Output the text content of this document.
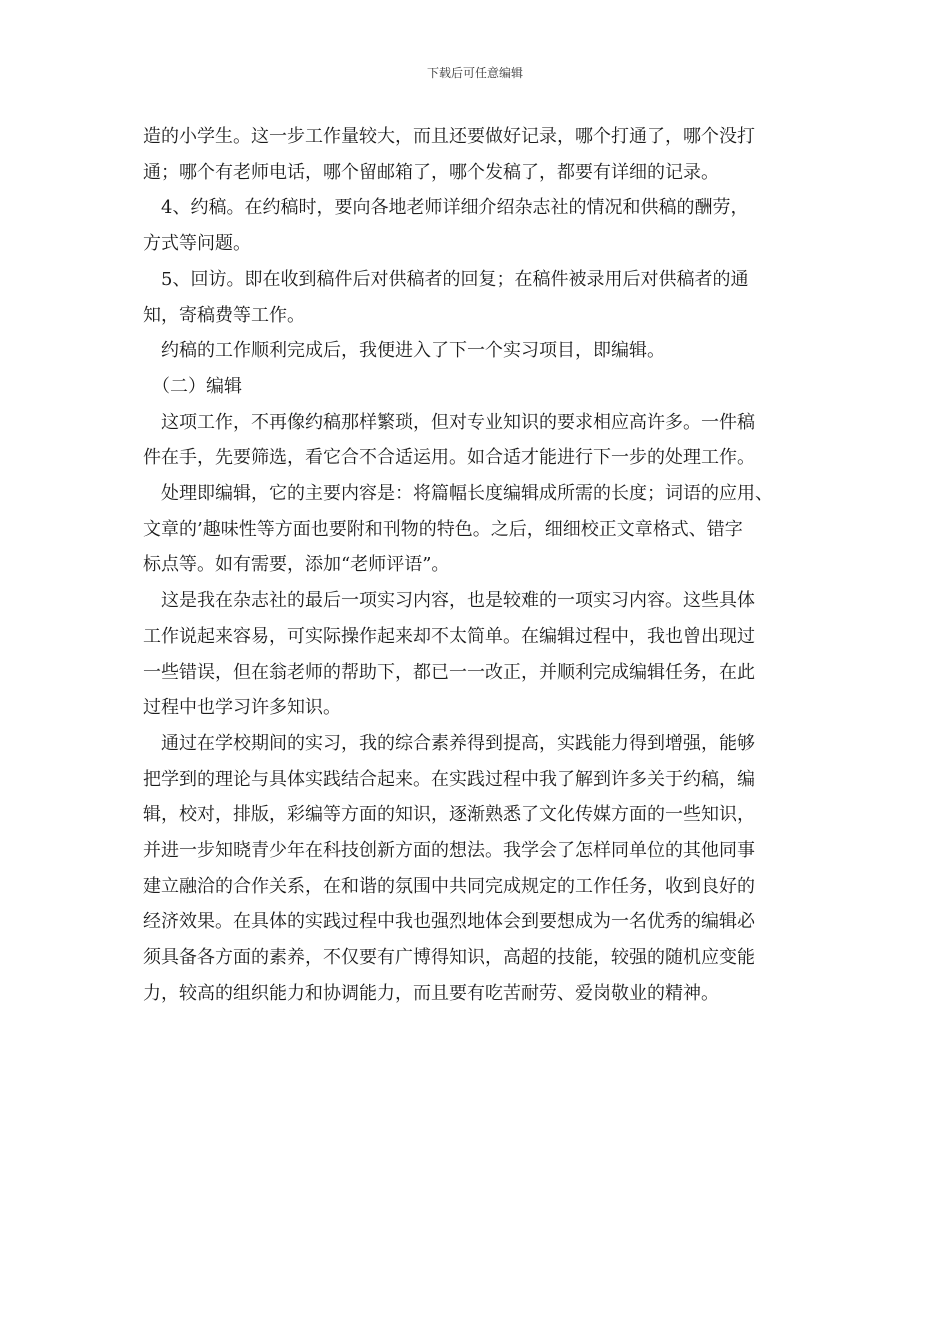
下载后可任意编辑
造的小学生。这一步工作量较大，而且还要做好记录，哪个打通了，哪个没打
通；哪个有老师电话，哪个留邮箱了，哪个发稿了，都要有详细的记录。
　4、约稿。在约稿时，要向各地老师详细介绍杂志社的情况和供稿的酬劳，
方式等问题。
　5、回访。即在收到稿件后对供稿者的回复；在稿件被录用后对供稿者的通
知，寄稿费等工作。
　约稿的工作顺利完成后，我便进入了下一个实习项目，即编辑。
　（二）编辑
　这项工作，不再像约稿那样繁琐，但对专业知识的要求相应高许多。一件稿
件在手，先要筛选，看它合不合适运用。如合适才能进行下一步的处理工作。
　处理即编辑，它的主要内容是：将篇幅长度编辑成所需的长度；词语的应用、
文章的’趣味性等方面也要附和刊物的特色。之后，细细校正文章格式、错字
标点等。如有需要，添加“老师评语”。
　这是我在杂志社的最后一项实习内容，也是较难的一项实习内容。这些具体
工作说起来容易，可实际操作起来却不太简单。在编辑过程中，我也曾出现过
一些错误，但在翁老师的帮助下，都已一一改正，并顺利完成编辑任务，在此
过程中也学习许多知识。
　通过在学校期间的实习，我的综合素养得到提高，实践能力得到增强，能够
把学到的理论与具体实践结合起来。在实践过程中我了解到许多关于约稿，编
辑，校对，排版，彩编等方面的知识，逐渐熟悉了文化传媒方面的一些知识，
并进一步知晓青少年在科技创新方面的想法。我学会了怎样同单位的其他同事
建立融洽的合作关系，在和谐的氛围中共同完成规定的工作任务，收到良好的
经济效果。在具体的实践过程中我也强烈地体会到要想成为一名优秀的编辑必
须具备各方面的素养，不仅要有广博得知识，高超的技能，较强的随机应变能
力，较高的组织能力和协调能力，而且要有吃苦耐劳、爱岗敬业的精神。
